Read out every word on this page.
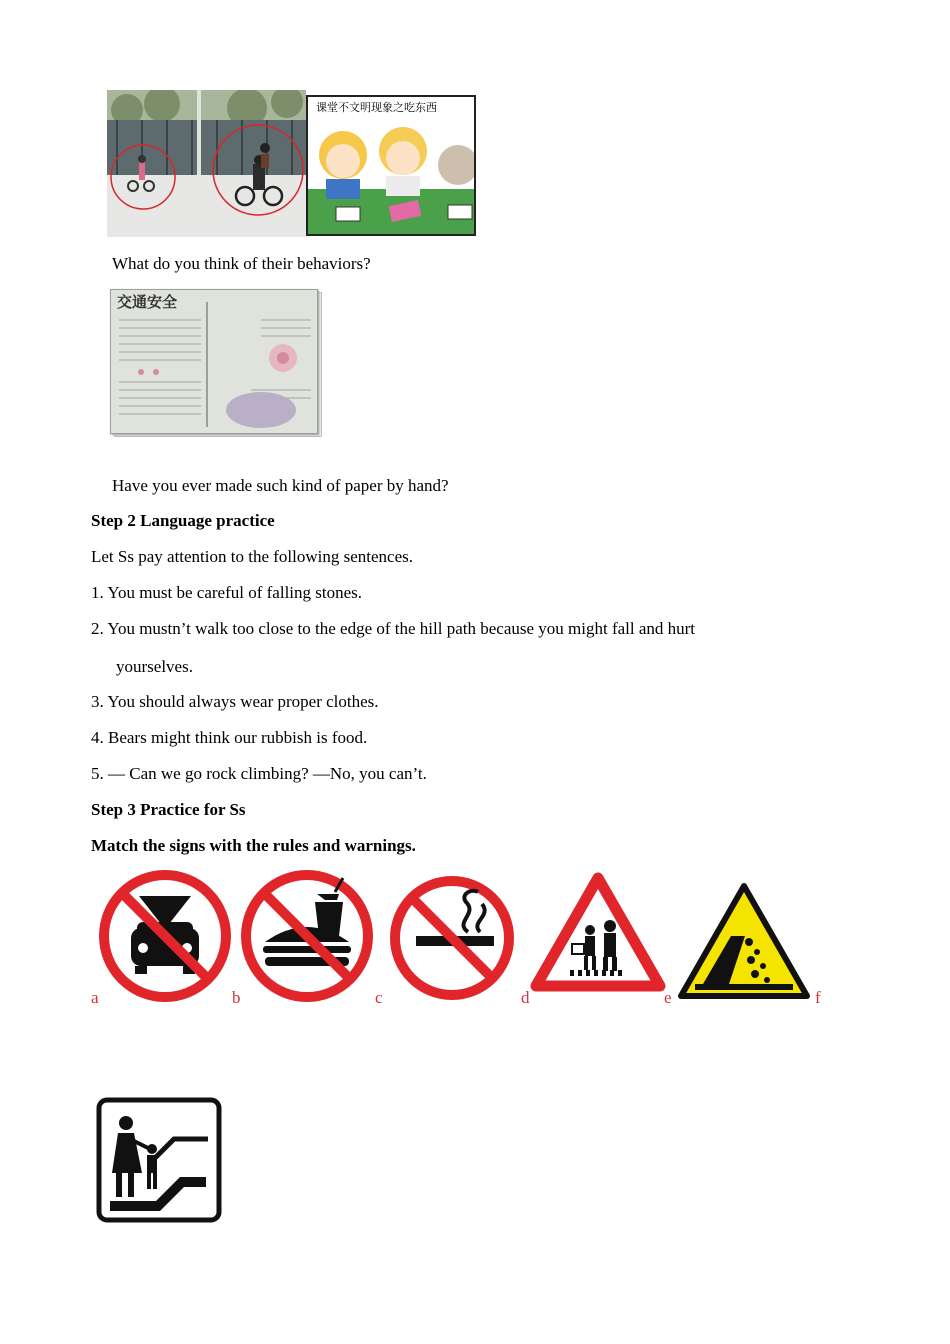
课堂不文明现象之吃东西
What do you think of their behaviors?
交通安全
Have you ever made such kind of paper by hand?
Step 2 Language practice
Let Ss pay attention to the following sentences.
1. You must be careful of falling stones.
2. You mustn’t walk too close to the edge of the hill path because you might fall and hurt
yourselves.
3. You should always wear proper clothes.
4. Bears might think our rubbish is food.
5. — Can we go rock climbing? —No, you can’t.
Step 3 Practice for Ss
Match the signs with the rules and warnings.
a	b	c	d	e	f
